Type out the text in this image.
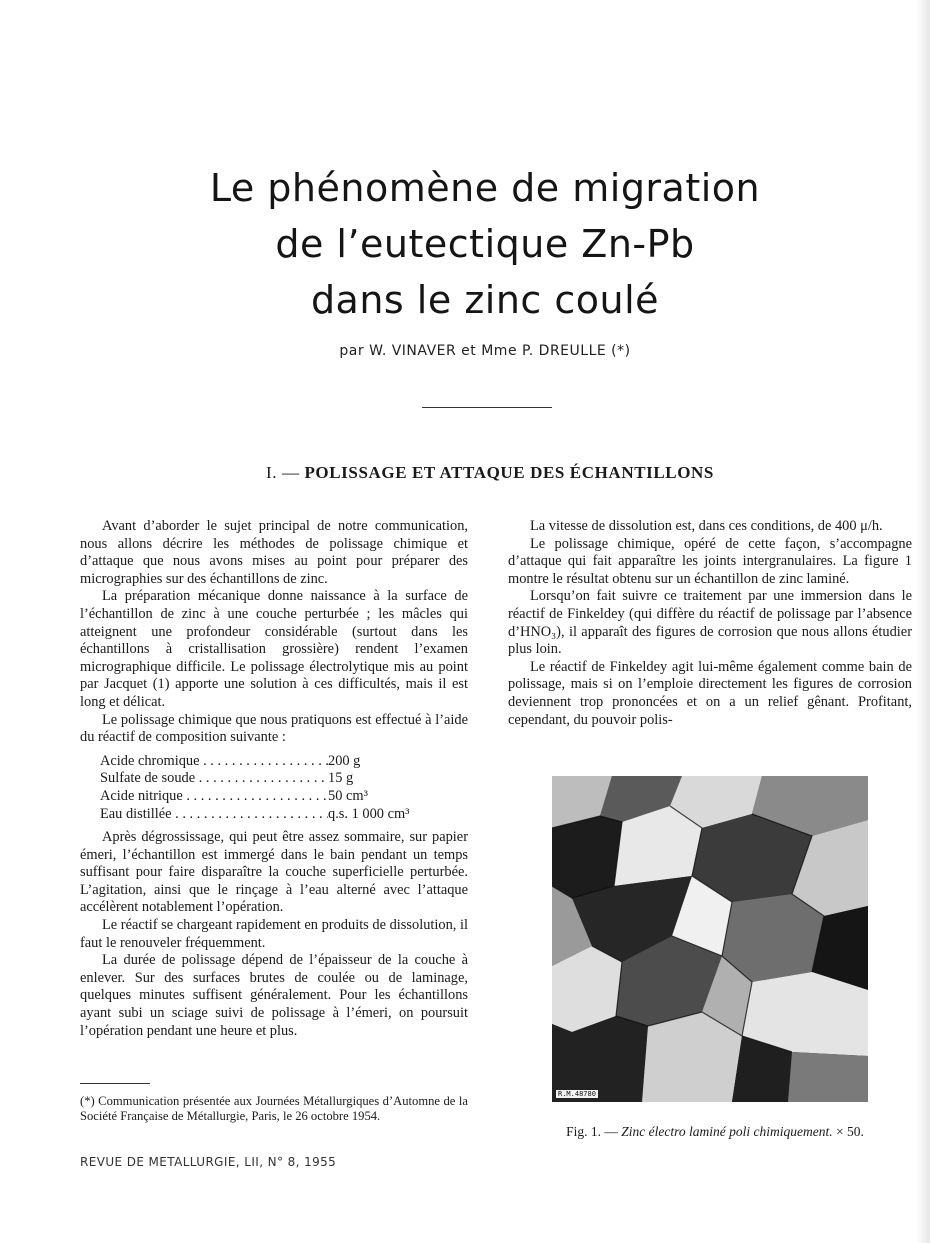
Le phénomène de migration
de l’eutectique Zn-Pb
dans le zinc coulé
par W. VINAVER et Mme P. DREULLE (*)
I. — POLISSAGE ET ATTAQUE DES ÉCHANTILLONS

Avant d’aborder le sujet principal de notre communication, nous allons décrire les méthodes de polissage chimique et d’attaque que nous avons mises au point pour préparer des micrographies sur des échantillons de zinc.

La préparation mécanique donne naissance à la surface de l’échantillon de zinc à une couche perturbée ; les mâcles qui atteignent une profondeur considérable (surtout dans les échantillons à cristallisation grossière) rendent l’examen micrographique difficile. Le polissage électrolytique mis au point par Jacquet (1) apporte une solution à ces difficultés, mais il est long et délicat.

Le polissage chimique que nous pratiquons est effectué à l’aide du réactif de composition suivante :

Acide chromique . . .	200 g
Sulfate de soude . . .	15 g
Acide nitrique . . .	50 cm³
Eau distillée . . .	q.s. 1 000 cm³

Après dégrossissage, qui peut être assez sommaire, sur papier émeri, l’échantillon est immergé dans le bain pendant un temps suffisant pour faire disparaître la couche superficielle perturbée. L’agitation, ainsi que le rinçage à l’eau alterné avec l’attaque accélèrent notablement l’opération.

Le réactif se chargeant rapidement en produits de dissolution, il faut le renouveler fréquemment.

La durée de polissage dépend de l’épaisseur de la couche à enlever. Sur des surfaces brutes de coulée ou de laminage, quelques minutes suffisent généralement. Pour les échantillons ayant subi un sciage suivi de polissage à l’émeri, on poursuit l’opération pendant une heure et plus.

La vitesse de dissolution est, dans ces conditions, de 400 μ/h.

Le polissage chimique, opéré de cette façon, s’accompagne d’attaque qui fait apparaître les joints intergranulaires. La figure 1 montre le résultat obtenu sur un échantillon de zinc laminé.

Lorsqu’on fait suivre ce traitement par une immersion dans le réactif de Finkeldey (qui diffère du réactif de polissage par l’absence d’HNO₃), il apparaît des figures de corrosion que nous allons étudier plus loin.

Le réactif de Finkeldey agit lui-même également comme bain de polissage, mais si on l’emploie directement les figures de corrosion deviennent trop prononcées et on a un relief gênant. Profitant, cependant, du pouvoir polis-

R.M.48780
Fig. 1. — Zinc électro laminé poli chimiquement. × 50.
(*) Communication présentée aux Journées Métallurgiques d’Automne de la Société Française de Métallurgie, Paris, le 26 octobre 1954.
REVUE DE METALLURGIE, LII, N° 8, 1955
